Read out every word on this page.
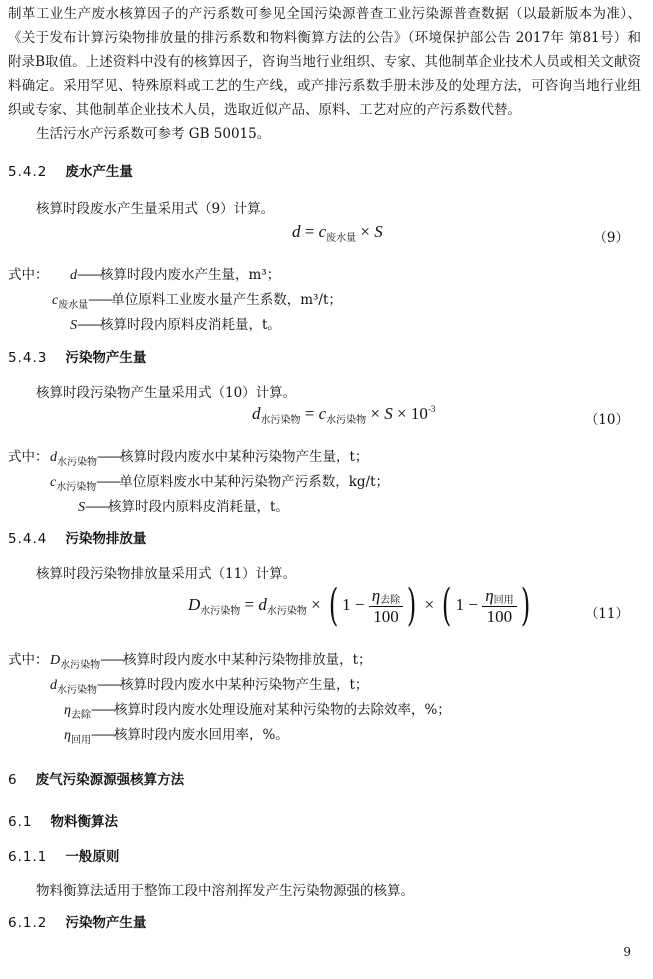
制革工业生产废水核算因子的产污系数可参见全国污染源普查工业污染源普查数据（以最新版本为准）、《关于发布计算污染物排放量的排污系数和物料衡算方法的公告》（环境保护部公告 2017年 第81号）和附录B取值。上述资料中没有的核算因子，咨询当地行业组织、专家、其他制革企业技术人员或相关文献资料确定。采用罕见、特殊原料或工艺的生产线，或产排污系数手册未涉及的处理方法，可咨询当地行业组织或专家、其他制革企业技术人员，选取近似产品、原料、工艺对应的产污系数代替。
生活污水产污系数可参考 GB 50015。
5.4.2 废水产生量
核算时段废水产生量采用式（9）计算。
$d = c_{废水量} \times S$	（9）
式中： d——核算时段内废水产生量，m³；
$c_{废水量}——$单位原料工业废水量产生系数，m³/t；
S——核算时段内原料皮消耗量，t。
5.4.3 污染物产生量
核算时段污染物产生量采用式（10）计算。
$d_{水污染物} = c_{水污染物} \times S \times 10^{-3}$
（10）
式中： $d_{水污染物}——$核算时段内废水中某种污染物产生量，t；
$c_{水污染物}——$单位原料废水中某种污染物产污系数，kg/t；
S——核算时段内原料皮消耗量，t。
5.4.4 污染物排放量
核算时段污染物排放量采用式（11）计算。
$D_{水污染物} = d_{水污染物}$ × ( $1 - \frac{\text{η去除}}{100}$ ) × ( $1 - \frac{\text{η回用}}{100}$ )	（11）
式中： $D_{水污染物}——$核算时段内废水中某种污染物排放量，t；
$d_{水污染物}——$核算时段内废水中某种污染物产生量，t；
$\eta_{去除}——$核算时段内废水处理设施对某种污染物的去除效率，%；
$\eta_{回用}——$核算时段内废水回用率，%。
6 废气污染源源强核算方法
6.1 物料衡算法
6.1.1 一般原则
物料衡算法适用于整饰工段中溶剂挥发产生污染物源强的核算。
6.1.2 污染物产生量
9
